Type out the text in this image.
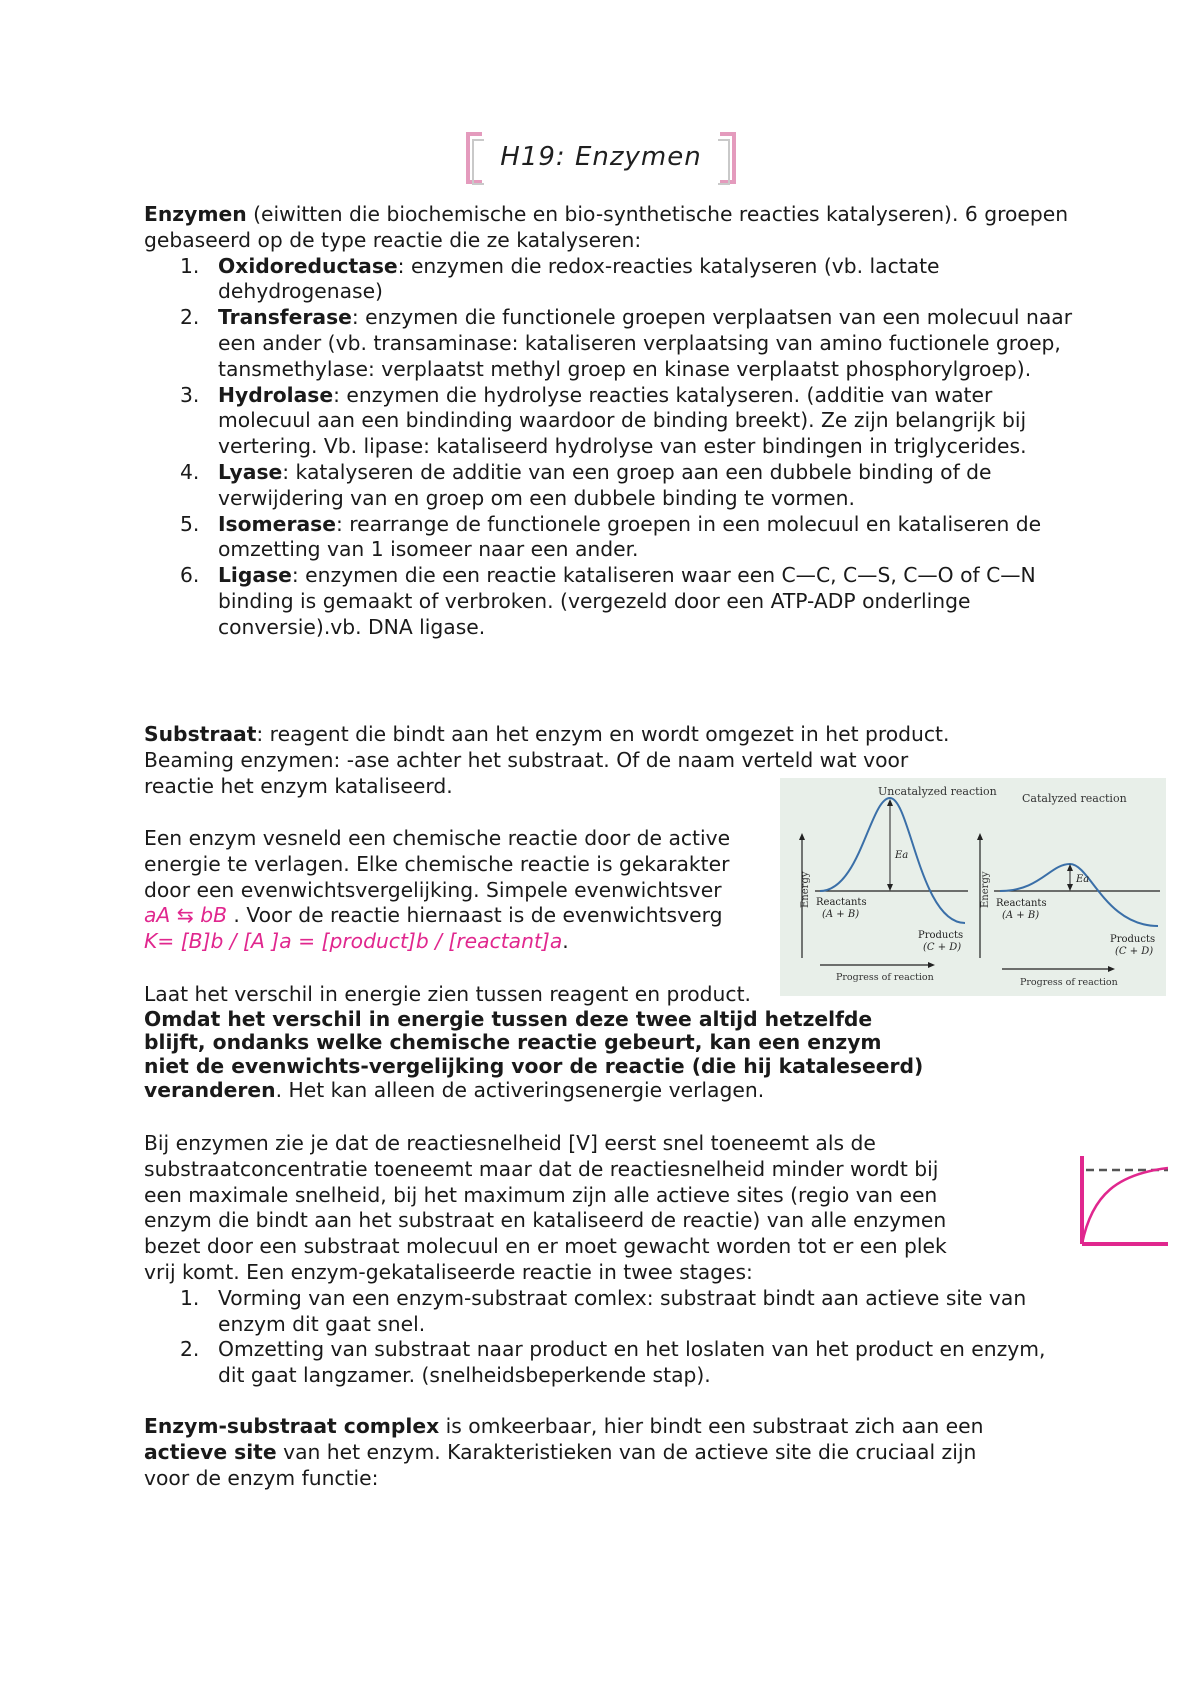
H19: Enzymen

Enzymen (eiwitten die biochemische en bio-synthetische reacties katalyseren). 6 groepen gebaseerd op de type reactie die ze katalyseren:

1. Oxidoreductase: enzymen die redox-reacties katalyseren (vb. lactate dehydrogenase)
2. Transferase: enzymen die functionele groepen verplaatsen van een molecuul naar een ander (vb. transaminase: kataliseren verplaatsing van amino fuctionele groep, tansmethylase: verplaatst methyl groep en kinase verplaatst phosphorylgroep).
3. Hydrolase: enzymen die hydrolyse reacties katalyseren. (additie van water molecuul aan een bindinding waardoor de binding breekt). Ze zijn belangrijk bij vertering. Vb. lipase: kataliseerd hydrolyse van ester bindingen in triglycerides.
4. Lyase: katalyseren de additie van een groep aan een dubbele binding of de verwijdering van en groep om een dubbele binding te vormen.
5. Isomerase: rearrange de functionele groepen in een molecuul en kataliseren de omzetting van 1 isomeer naar een ander.
6. Ligase: enzymen die een reactie kataliseren waar een C—C, C—S, C—O of C—N binding is gemaakt of verbroken. (vergezeld door een ATP-ADP onderlinge conversie).vb. DNA ligase.

Substraat: reagent die bindt aan het enzym en wordt omgezet in het product.

Beaming enzymen: -ase achter het substraat. Of de naam verteld wat voor

reactie het enzym kataliseerd.

Een enzym vesneld een chemische reactie door de active

energie te verlagen. Elke chemische reactie is gekarakter

door een evenwichtsvergelijking. Simpele evenwichtsver

aA ⇆ bB . Voor de reactie hiernaast is de evenwichtsverg

K= [B]b / [A ]a = [product]b / [reactant]a.

Uncatalyzed reaction
Energy
Ea
Reactants
(A + B)
Products
(C + D)
Progress of reaction
Catalyzed reaction
Energy	Ea
Reactants
(A + B)
Products
(C + D)
Progress of reaction

Laat het verschil in energie zien tussen reagent en product.

Omdat het verschil in energie tussen deze twee altijd hetzelfde

blijft, ondanks welke chemische reactie gebeurt, kan een enzym

niet de evenwichts-vergelijking voor de reactie (die hij kataleseerd)

veranderen. Het kan alleen de activeringsenergie verlagen.

Bij enzymen zie je dat de reactiesnelheid [V] eerst snel toeneemt als de

substraatconcentratie toeneemt maar dat de reactiesnelheid minder wordt bij

een maximale snelheid, bij het maximum zijn alle actieve sites (regio van een

enzym die bindt aan het substraat en kataliseerd de reactie) van alle enzymen

bezet door een substraat molecuul en er moet gewacht worden tot er een plek

vrij komt. Een enzym-gekataliseerde reactie in twee stages:

1. Vorming van een enzym-substraat comlex: substraat bindt aan actieve site van enzym dit gaat snel.
2. Omzetting van substraat naar product en het loslaten van het product en enzym, dit gaat langzamer. (snelheidsbeperkende stap).

Enzym-substraat complex is omkeerbaar, hier bindt een substraat zich aan een

actieve site van het enzym. Karakteristieken van de actieve site die cruciaal zijn

voor de enzym functie:
